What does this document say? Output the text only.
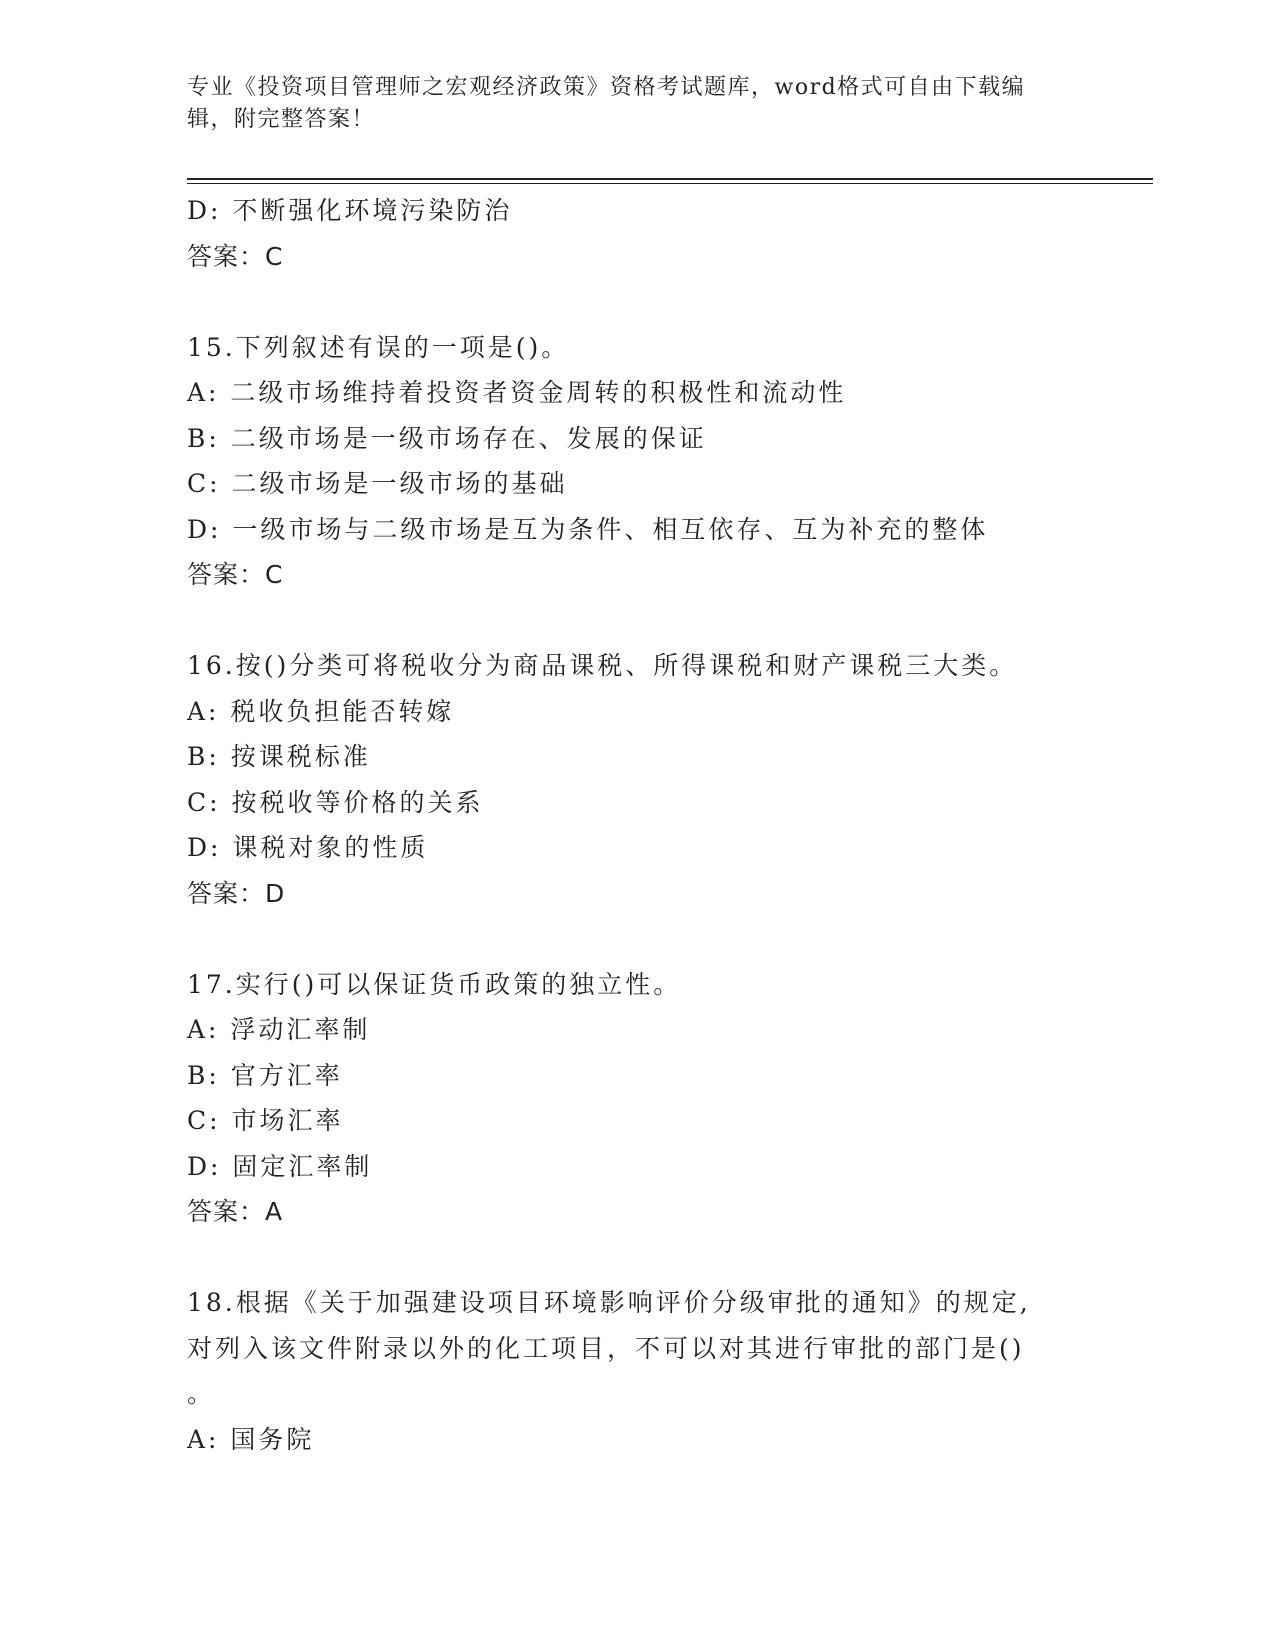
专业《投资项目管理师之宏观经济政策》资格考试题库，word格式可自由下载编辑，附完整答案！
D: 不断强化环境污染防治
答案：C
15.下列叙述有误的一项是()。
A: 二级市场维持着投资者资金周转的积极性和流动性
B: 二级市场是一级市场存在、发展的保证
C: 二级市场是一级市场的基础
D: 一级市场与二级市场是互为条件、相互依存、互为补充的整体
答案：C
16.按()分类可将税收分为商品课税、所得课税和财产课税三大类。
A: 税收负担能否转嫁
B: 按课税标准
C: 按税收等价格的关系
D: 课税对象的性质
答案：D
17.实行()可以保证货币政策的独立性。
A: 浮动汇率制
B: 官方汇率
C: 市场汇率
D: 固定汇率制
答案：A
18.根据《关于加强建设项目环境影响评价分级审批的通知》的规定,
对列入该文件附录以外的化工项目，不可以对其进行审批的部门是()
。
A: 国务院
